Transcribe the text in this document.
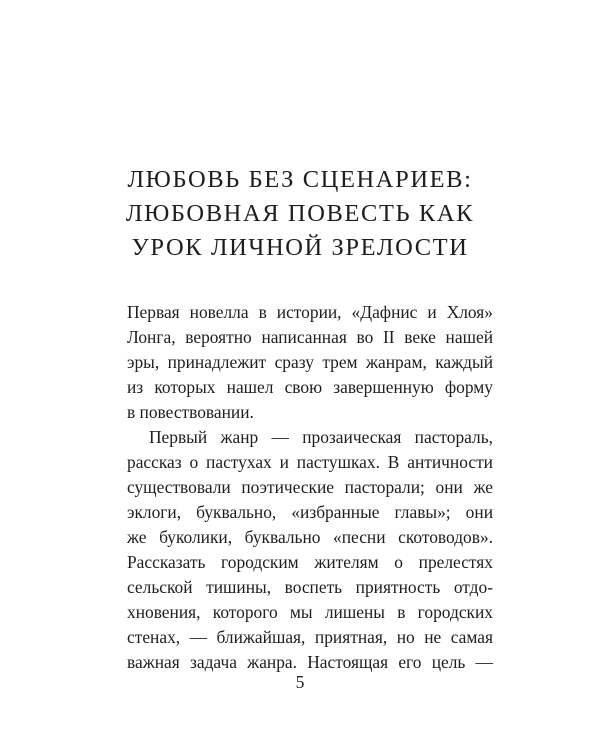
ЛЮБОВЬ БЕЗ СЦЕНАРИЕВ:
ЛЮБОВНАЯ ПОВЕСТЬ КАК
УРОК ЛИЧНОЙ ЗРЕЛОСТИ
Первая новелла в истории, «Дафнис и Хлоя»
Лонга, вероятно написанная во II веке нашей
эры, принадлежит сразу трем жанрам, каждый
из которых нашел свою завершенную форму
в повествовании.
Первый жанр — прозаическая пастораль,
рассказ о пастухах и пастушках. В античности
существовали поэтические пасторали; они же
эклоги, буквально, «избранные главы»; они
же буколики, буквально «песни скотоводов».
Рассказать городским жителям о прелестях
сельской тишины, воспеть приятность отдо-
хновения, которого мы лишены в городских
стенах, — ближайшая, приятная, но не самая
важная задача жанра. Настоящая его цель —
5
